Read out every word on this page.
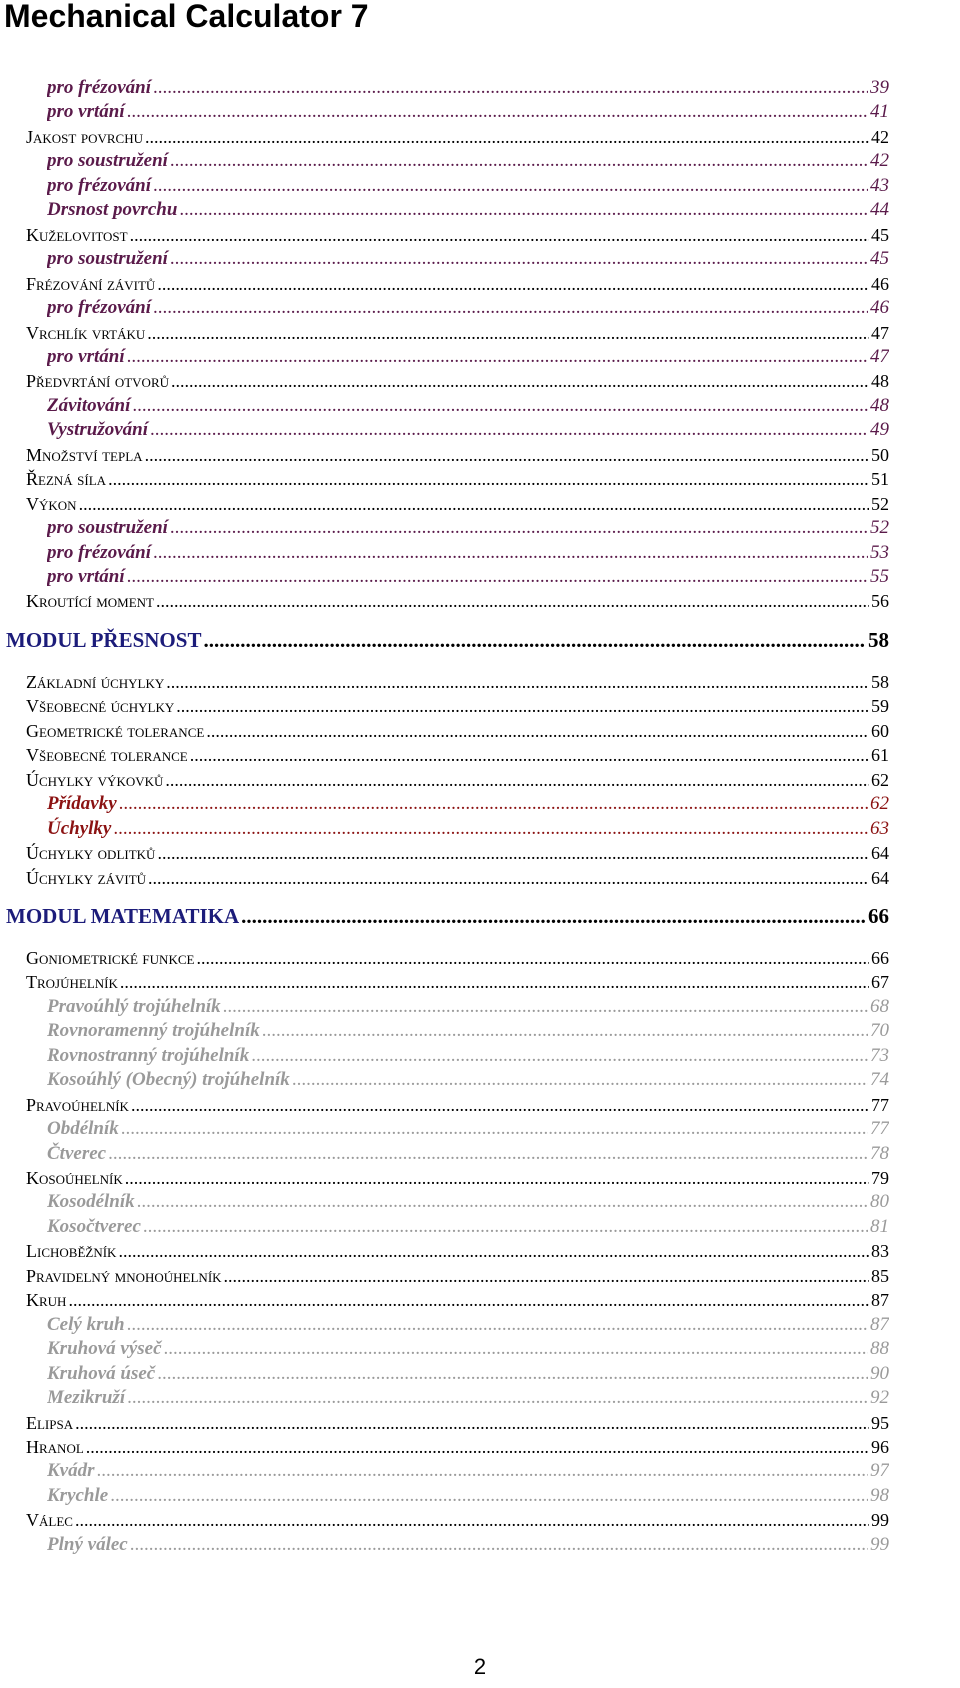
Mechanical Calculator 7
pro frézování .....	39
pro vrtání .....	41
Jakost povrchu .....	42
pro soustružení .....	42
pro frézování .....	43
Drsnost povrchu .....	44
Kuželovitost .....	45
pro soustružení .....	45
Frézování závitů .....	46
pro frézování .....	46
Vrchlík vrtáku .....	47
pro vrtání .....	47
Předvrtání otvorů .....	48
Závitování .....	48
Vystružování .....	49
Množství tepla .....	50
Řezná síla .....	51
Výkon .....	52
pro soustružení .....	52
pro frézování .....	53
pro vrtání .....	55
Kroutící moment .....	56
MODUL PŘESNOST .....	58
Základní úchylky .....	58
Všeobecné úchylky .....	59
Geometrické tolerance .....	60
Všeobecné tolerance .....	61
Úchylky výkovků .....	62
Přídavky .....	62
Úchylky .....	63
Úchylky odlitků .....	64
Úchylky závitů .....	64
MODUL MATEMATIKA .....	66
Goniometrické funkce .....	66
Trojúhelník .....	67
Pravoúhlý trojúhelník .....	68
Rovnoramenný trojúhelník .....	70
Rovnostranný trojúhelník .....	73
Kosoúhlý (Obecný) trojúhelník .....	74
Pravoúhelník .....	77
Obdélník .....	77
Čtverec .....	78
Kosoúhelník .....	79
Kosodélník .....	80
Kosočtverec .....	81
Lichoběžník .....	83
Pravidelný mnohoúhelník .....	85
Kruh .....	87
Celý kruh .....	87
Kruhová výseč .....	88
Kruhová úseč .....	90
Mezikruží .....	92
Elipsa .....	95
Hranol .....	96
Kvádr .....	97
Krychle .....	98
Válec .....	99
Plný válec .....	99
2
